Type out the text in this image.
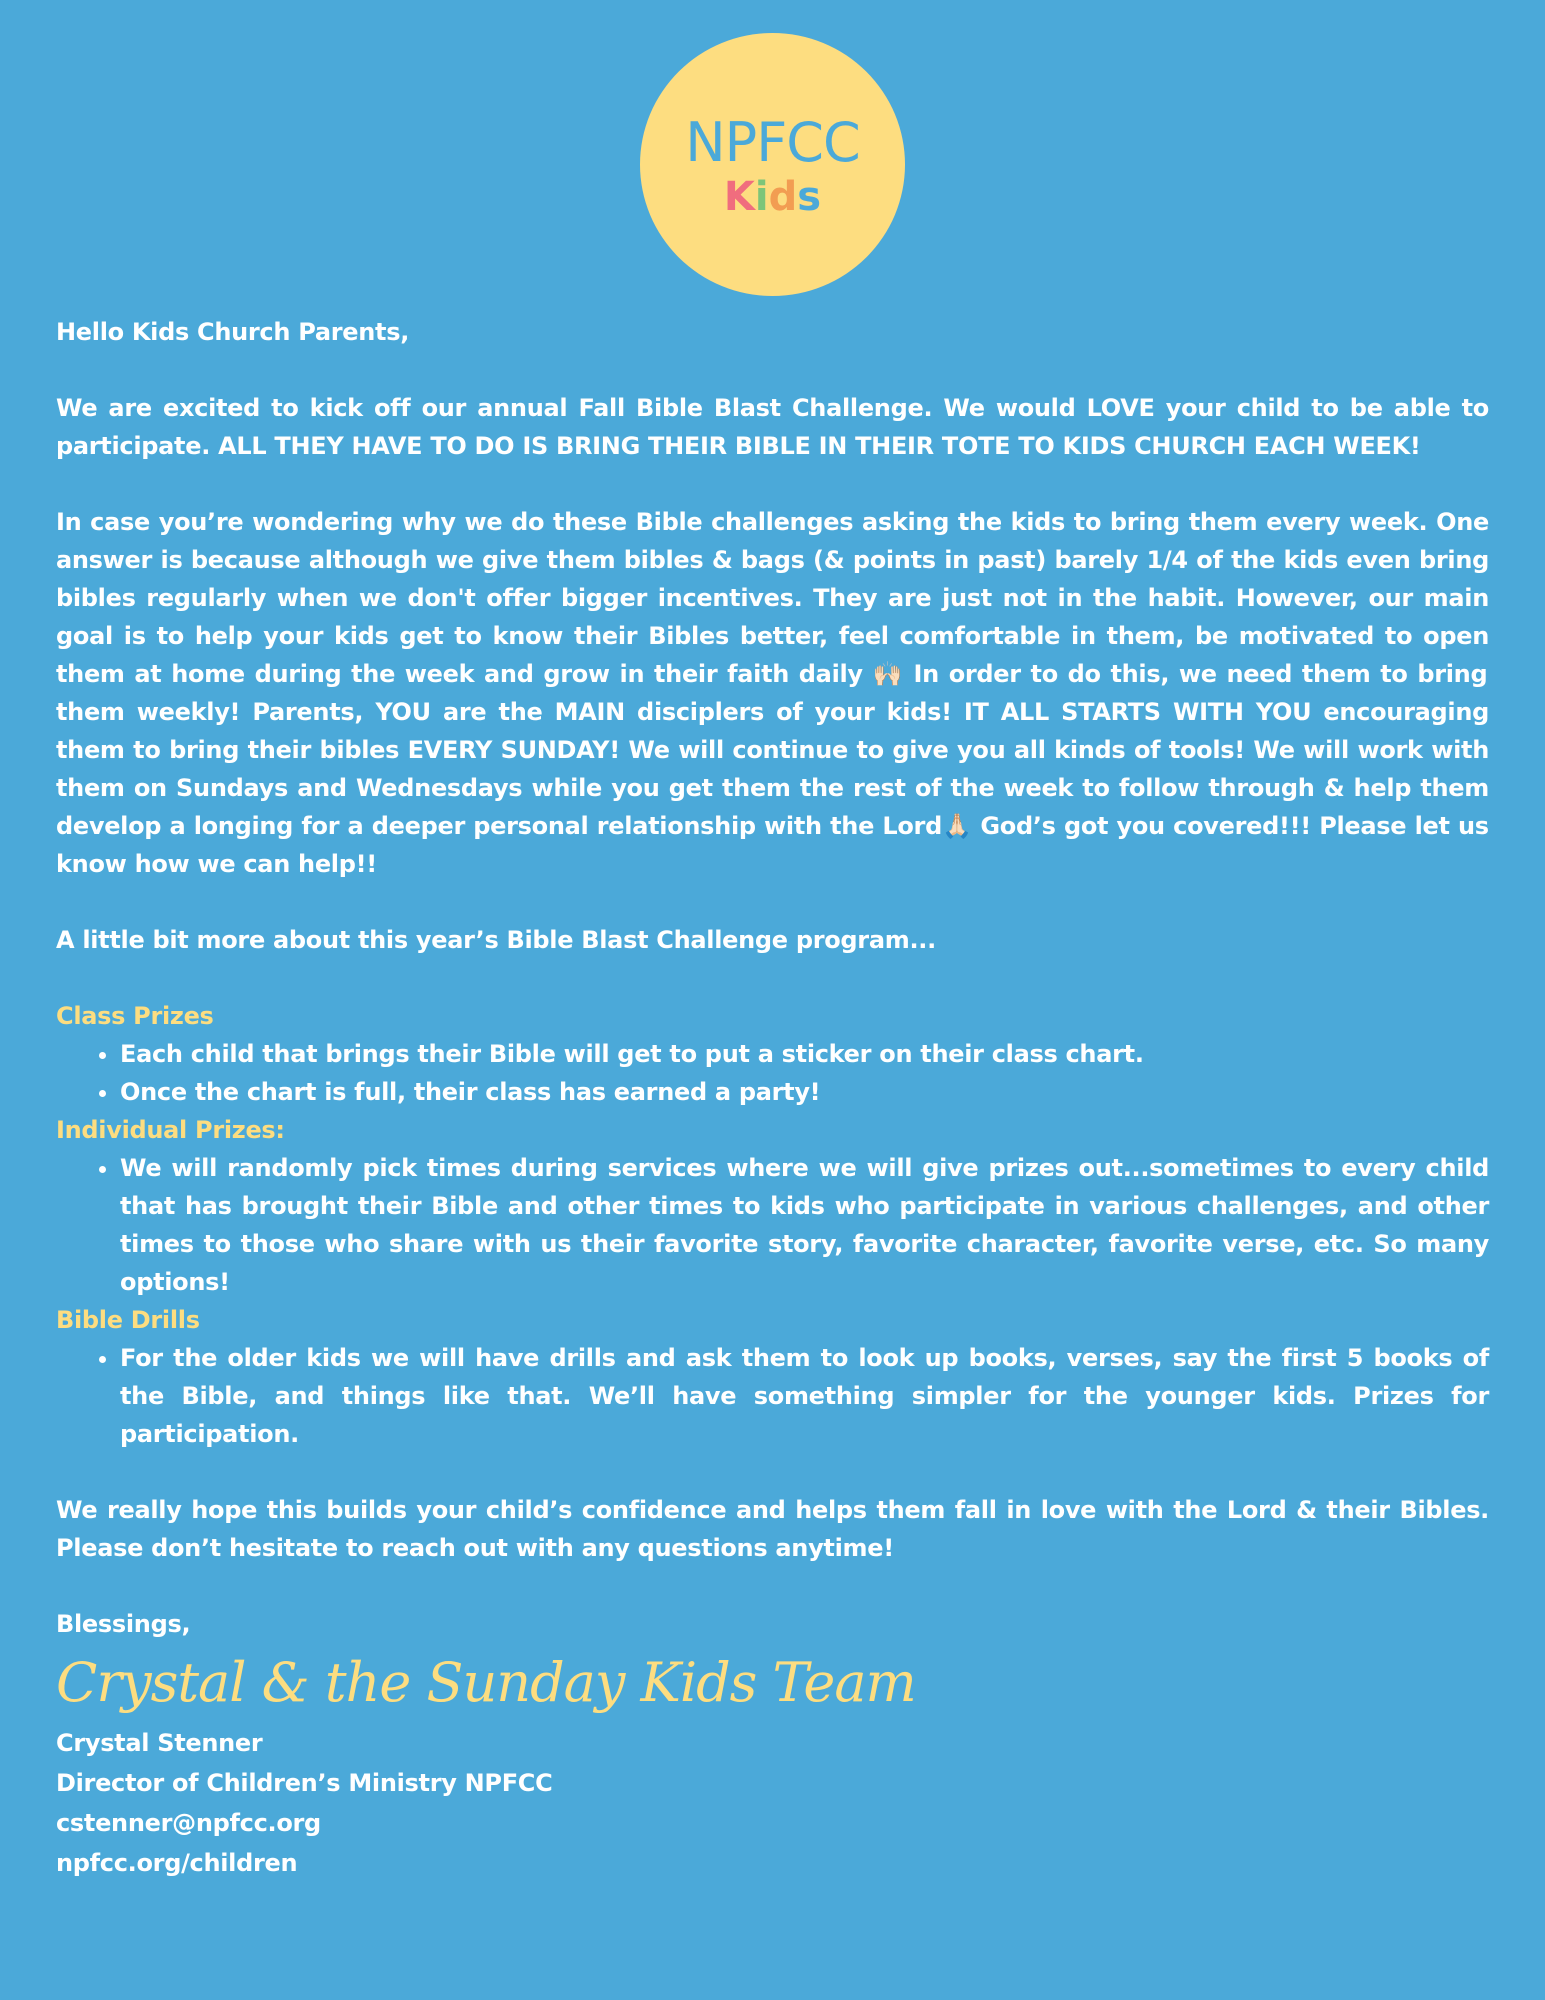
NPFCC
Kids

Hello Kids Church Parents,

We are excited to kick off our annual Fall Bible Blast Challenge. We would LOVE your child to be able to participate. ALL THEY HAVE TO DO IS BRING THEIR BIBLE IN THEIR TOTE TO KIDS CHURCH EACH WEEK!

In case you’re wondering why we do these Bible challenges asking the kids to bring them every week. One answer is because although we give them bibles & bags (& points in past) barely 1/4 of the kids even bring bibles regularly when we don't offer bigger incentives. They are just not in the habit. However, our main goal is to help your kids get to know their Bibles better, feel comfortable in them, be motivated to open them at home during the week and grow in their faith daily 🙌🏻 In order to do this, we need them to bring them weekly! Parents, YOU are the MAIN disciplers of your kids! IT ALL STARTS WITH YOU encouraging them to bring their bibles EVERY SUNDAY! We will continue to give you all kinds of tools! We will work with them on Sundays and Wednesdays while you get them the rest of the week to follow through & help them develop a longing for a deeper personal relationship with the Lord🙏🏻 God’s got you covered!!! Please let us know how we can help!!

A little bit more about this year’s Bible Blast Challenge program...

Class Prizes

• Each child that brings their Bible will get to put a sticker on their class chart.
• Once the chart is full, their class has earned a party!

Individual Prizes:

• We will randomly pick times during services where we will give prizes out...sometimes to every child that has brought their Bible and other times to kids who participate in various challenges, and other times to those who share with us their favorite story, favorite character, favorite verse, etc. So many options!

Bible Drills

• For the older kids we will have drills and ask them to look up books, verses, say the first 5 books of the Bible, and things like that. We’ll have something simpler for the younger kids. Prizes for participation.

We really hope this builds your child’s confidence and helps them fall in love with the Lord & their Bibles. Please don’t hesitate to reach out with any questions anytime!

Blessings,

Crystal & the Sunday Kids Team

Crystal Stenner

Director of Children’s Ministry NPFCC

cstenner@npfcc.org

npfcc.org/children
